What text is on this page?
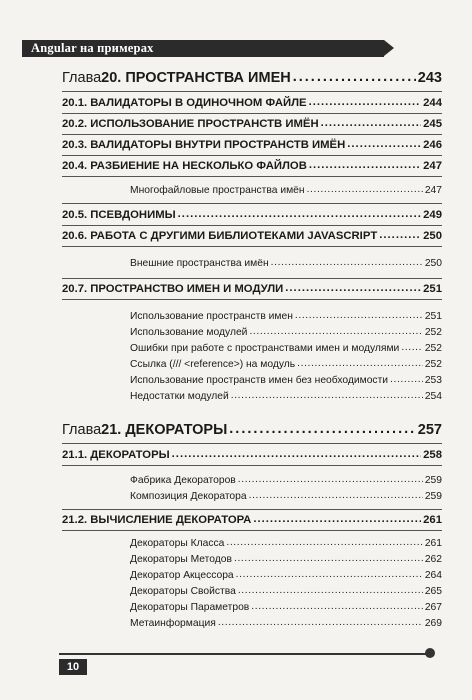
Angular на примерах
Глава 20. ПРОСТРАНСТВА ИМЕН .....	243
20.1. ВАЛИДАТОРЫ В ОДИНОЧНОМ ФАЙЛЕ .....	244
20.2. ИСПОЛЬЗОВАНИЕ ПРОСТРАНСТВ ИМЁН .....	245
20.3. ВАЛИДАТОРЫ ВНУТРИ ПРОСТРАНСТВ ИМЁН .....	246
20.4. РАЗБИЕНИЕ НА НЕСКОЛЬКО ФАЙЛОВ .....	247
Многофайловые пространства имён .....	247
20.5. ПСЕВДОНИМЫ .....	249
20.6. РАБОТА С ДРУГИМИ БИБЛИОТЕКАМИ JAVASCRIPT .....	250
Внешние пространства имён .....	250
20.7. ПРОСТРАНСТВО ИМЕН И МОДУЛИ .....	251
Использование пространств имен .....	251
Использование модулей .....	252
Ошибки при работе с пространствами имен и модулями ..... 252
Ссылка (/// <reference>) на модуль .....	252
Использование пространств имен без необходимости .....	253
Недостатки модулей .....	254
Глава 21. ДЕКОРАТОРЫ .....	257
21.1. ДЕКОРАТОРЫ .....	258
Фабрика Декораторов .....	259
Композиция Декоратора .....	259
21.2. ВЫЧИСЛЕНИЕ ДЕКОРАТОРА .....	261
Декораторы Класса .....	261
Декораторы Методов .....	262
Декоратор Акцессора .....	264
Декораторы Свойства .....	265
Декораторы Параметров .....	267
Метаинформация .....	269
10
